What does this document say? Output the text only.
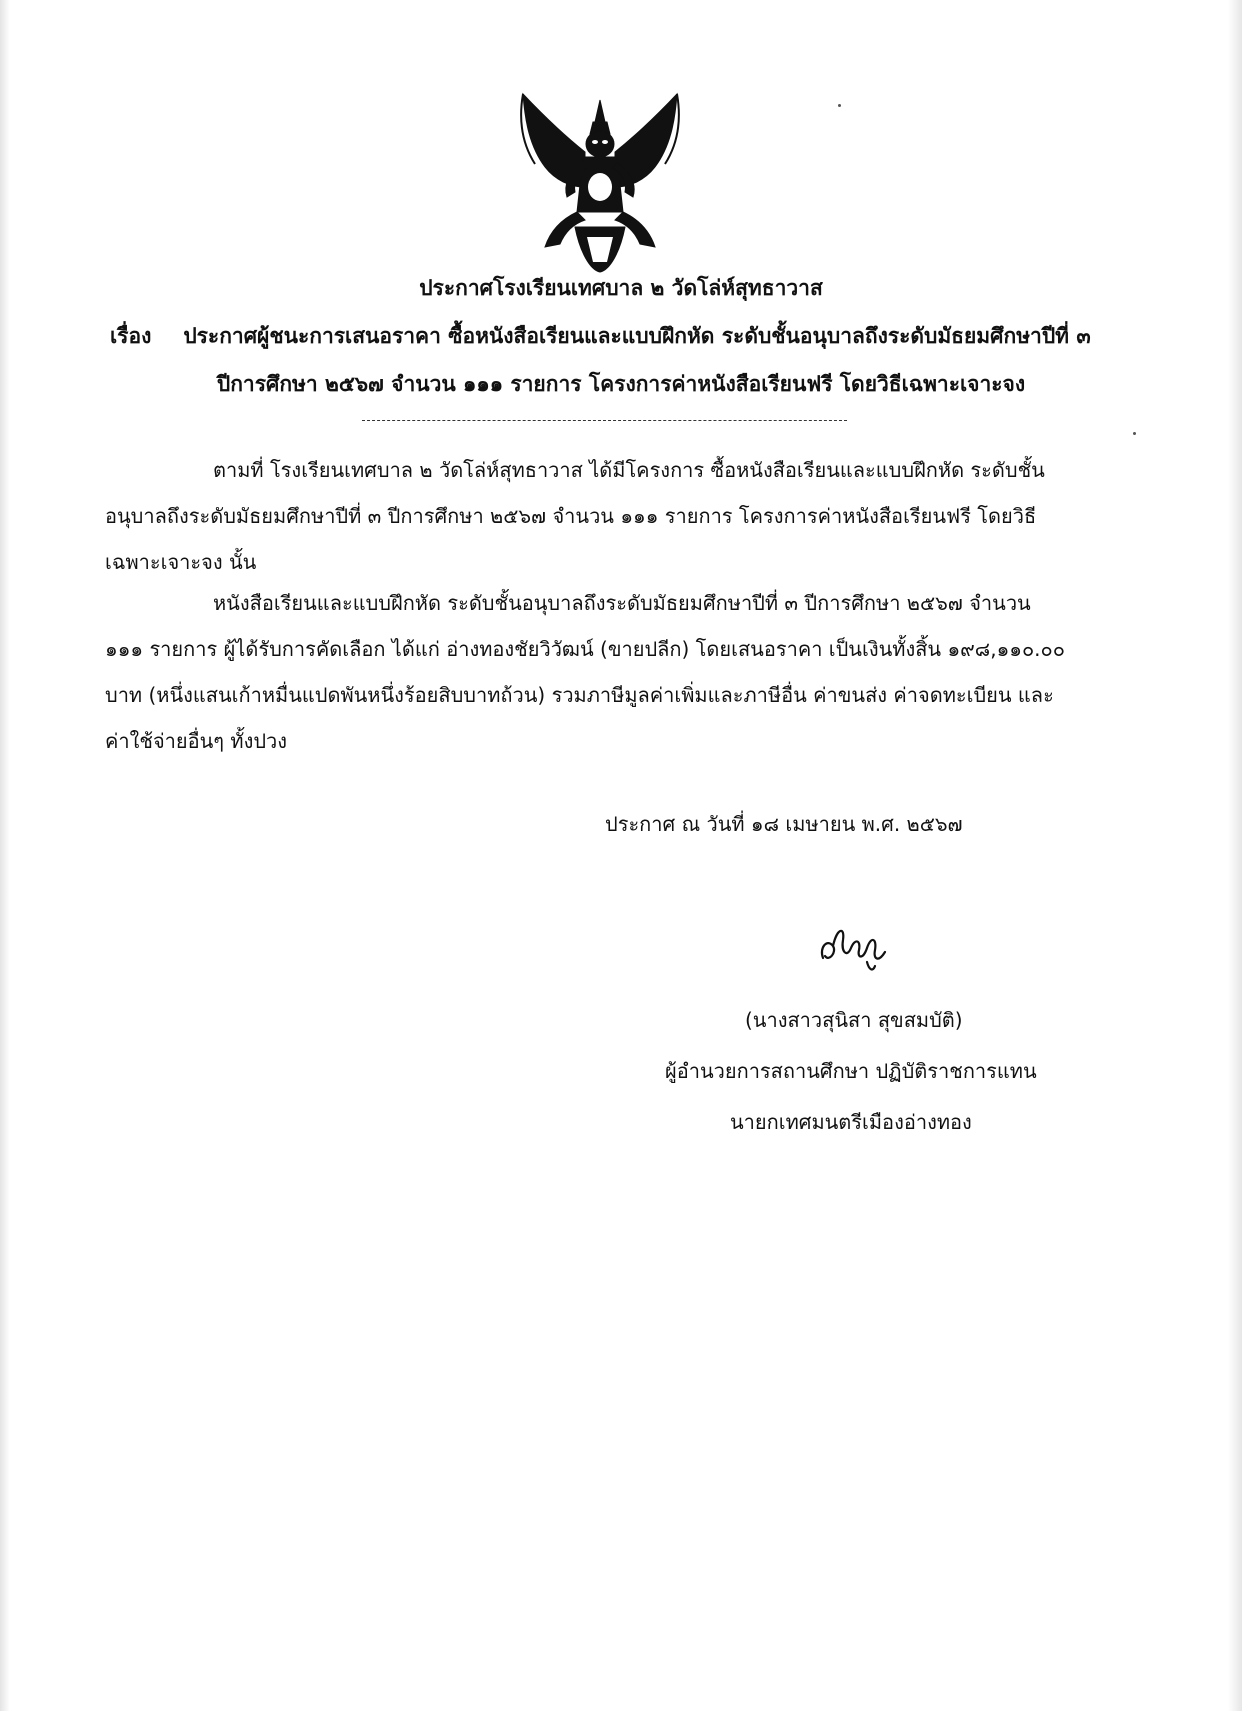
ประกาศโรงเรียนเทศบาล ๒ วัดโล่ห์สุทธาวาส
เรื่อง ประกาศผู้ชนะการเสนอราคา ซื้อหนังสือเรียนและแบบฝึกหัด ระดับชั้นอนุบาลถึงระดับมัธยมศึกษาปีที่ ๓
ปีการศึกษา ๒๕๖๗ จำนวน ๑๑๑ รายการ โครงการค่าหนังสือเรียนฟรี โดยวิธีเฉพาะเจาะจง
ตามที่ โรงเรียนเทศบาล ๒ วัดโล่ห์สุทธาวาส ได้มีโครงการ ซื้อหนังสือเรียนและแบบฝึกหัด ระดับชั้นอนุบาลถึงระดับมัธยมศึกษาปีที่ ๓ ปีการศึกษา ๒๕๖๗ จำนวน ๑๑๑ รายการ โครงการค่าหนังสือเรียนฟรี โดยวิธีเฉพาะเจาะจง นั้น
หนังสือเรียนและแบบฝึกหัด ระดับชั้นอนุบาลถึงระดับมัธยมศึกษาปีที่ ๓ ปีการศึกษา ๒๕๖๗ จำนวน ๑๑๑ รายการ ผู้ได้รับการคัดเลือก ได้แก่ อ่างทองชัยวิวัฒน์ (ขายปลีก) โดยเสนอราคา เป็นเงินทั้งสิ้น ๑๙๘,๑๑๐.๐๐ บาท (หนึ่งแสนเก้าหมื่นแปดพันหนึ่งร้อยสิบบาทถ้วน) รวมภาษีมูลค่าเพิ่มและภาษีอื่น ค่าขนส่ง ค่าจดทะเบียน และค่าใช้จ่ายอื่นๆ ทั้งปวง
ประกาศ ณ วันที่ ๑๘ เมษายน พ.ศ. ๒๕๖๗
(นางสาวสุนิสา สุขสมบัติ)
ผู้อำนวยการสถานศึกษา ปฏิบัติราชการแทน
นายกเทศมนตรีเมืองอ่างทอง
